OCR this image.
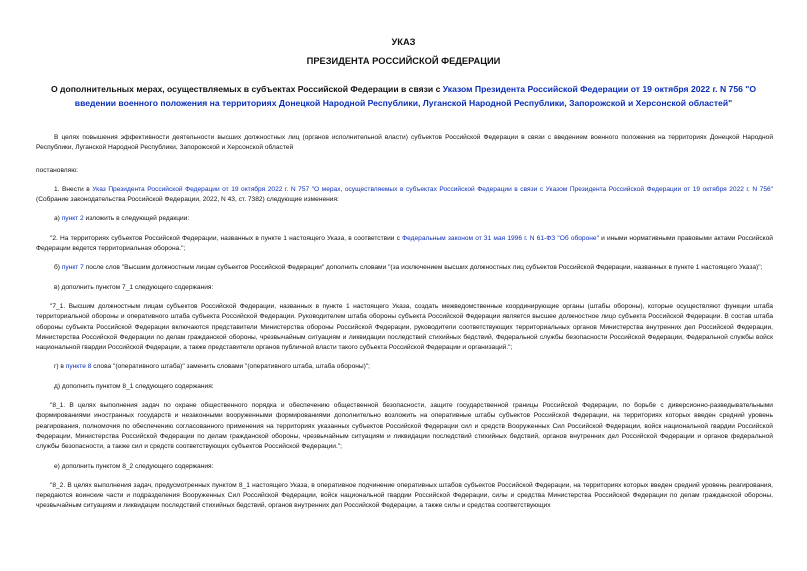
УКАЗ

ПРЕЗИДЕНТА РОССИЙСКОЙ ФЕДЕРАЦИИ

О дополнительных мерах, осуществляемых в субъектах Российской Федерации в связи с Указом Президента Российской Федерации от 19 октября 2022 г. N 756 "О введении военного положения на территориях Донецкой Народной Республики, Луганской Народной Республики, Запорожской и Херсонской областей"

В целях повышения эффективности деятельности высших должностных лиц (органов исполнительной власти) субъектов Российской Федерации в связи с введением военного положения на территориях Донецкой Народной Республики, Луганской Народной Республики, Запорожской и Херсонской областей

постановляю:

1. Внести в Указ Президента Российской Федерации от 19 октября 2022 г. N 757 "О мерах, осуществляемых в субъектах Российской Федерации в связи с Указом Президента Российской Федерации от 19 октября 2022 г. N 756" (Собрание законодательства Российской Федерации, 2022, N 43, ст. 7382) следующие изменения:

а) пункт 2 изложить в следующей редакции:

"2. На территориях субъектов Российской Федерации, названных в пункте 1 настоящего Указа, в соответствии с Федеральным законом от 31 мая 1996 г. N 61-ФЗ "Об обороне" и иными нормативными правовыми актами Российской Федерации ведется территориальная оборона.";

б) пункт 7 после слов "Высшим должностным лицам субъектов Российской Федерации" дополнить словами "(за исключением высших должностных лиц субъектов Российской Федерации, названных в пункте 1 настоящего Указа)";

в) дополнить пунктом 7_1 следующего содержания:

"7_1. Высшим должностным лицам субъектов Российской Федерации, названных в пункте 1 настоящего Указа, создать межведомственные координирующие органы (штабы обороны), которые осуществляют функции штаба территориальной обороны и оперативного штаба субъекта Российской Федерации. Руководителем штаба обороны субъекта Российской Федерации является высшее должностное лицо субъекта Российской Федерации. В состав штаба обороны субъекта Российской Федерации включаются представители Министерства обороны Российской Федерации, руководители соответствующих территориальных органов Министерства внутренних дел Российской Федерации, Министерства Российской Федерации по делам гражданской обороны, чрезвычайным ситуациям и ликвидации последствий стихийных бедствий, Федеральной службы безопасности Российской Федерации, Федеральной службы войск национальной гвардии Российской Федерации, а также представители органов публичной власти такого субъекта Российской Федерации и организаций.";

г) в пункте 8 слова "(оперативного штаба)" заменить словами "(оперативного штаба, штаба обороны)";

д) дополнить пунктом 8_1 следующего содержания:

"8_1. В целях выполнения задач по охране общественного порядка и обеспечению общественной безопасности, защите государственной границы Российской Федерации, по борьбе с диверсионно-разведывательными формированиями иностранных государств и незаконными вооруженными формированиями дополнительно возложить на оперативные штабы субъектов Российской Федерации, на территориях которых введен средний уровень реагирования, полномочия по обеспечению согласованного применения на территориях указанных субъектов Российской Федерации сил и средств Вооруженных Сил Российской Федерации, войск национальной гвардии Российской Федерации, Министерства Российской Федерации по делам гражданской обороны, чрезвычайным ситуациям и ликвидации последствий стихийных бедствий, органов внутренних дел Российской Федерации и органов федеральной службы безопасности, а также сил и средств соответствующих субъектов Российской Федерации.";

е) дополнить пунктом 8_2 следующего содержания:

"8_2. В целях выполнения задач, предусмотренных пунктом 8_1 настоящего Указа, в оперативное подчинение оперативных штабов субъектов Российской Федерации, на территориях которых введен средний уровень реагирования, передаются воинские части и подразделения Вооруженных Сил Российской Федерации, войск национальной гвардии Российской Федерации, силы и средства Министерства Российской Федерации по делам гражданской обороны, чрезвычайным ситуациям и ликвидации последствий стихийных бедствий, органов внутренних дел Российской Федерации, а также силы и средства соответствующих
